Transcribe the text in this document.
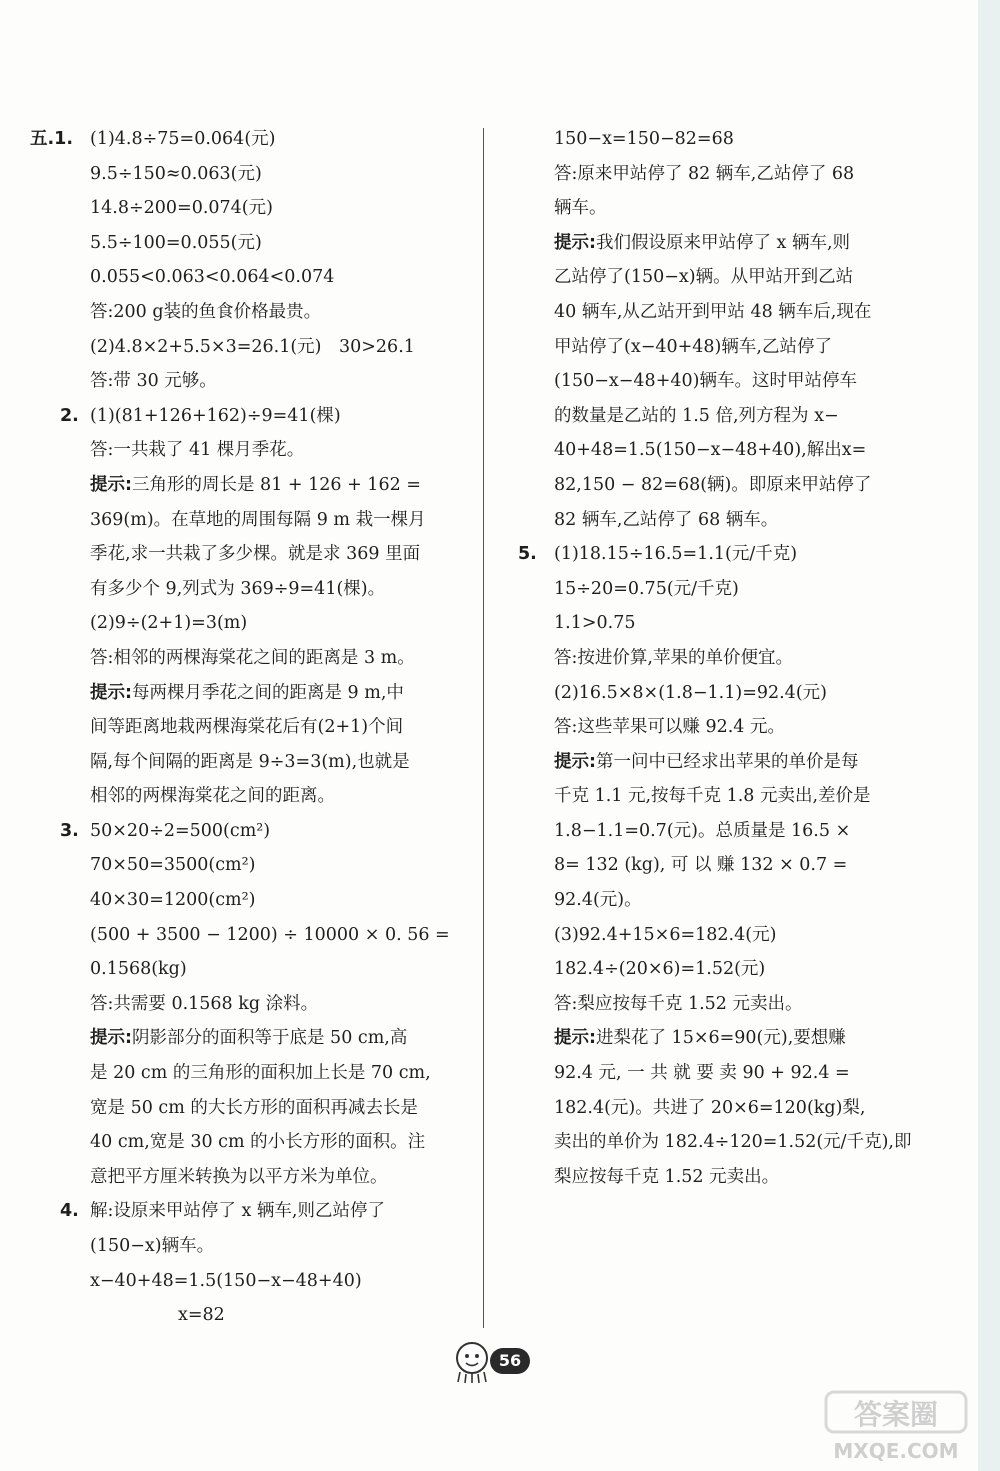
五.1. (1)4.8÷75=0.064(元)
9.5÷150≈0.063(元)
14.8÷200=0.074(元)
5.5÷100=0.055(元)
0.055<0.063<0.064<0.074
答:200 g装的鱼食价格最贵。
(2)4.8×2+5.5×3=26.1(元)　30>26.1
答:带 30 元够。
2. (1)(81+126+162)÷9=41(棵)
答:一共栽了 41 棵月季花。
提示:三角形的周长是 81 + 126 + 162 =
369(m)。在草地的周围每隔 9 m 栽一棵月
季花,求一共栽了多少棵。就是求 369 里面
有多少个 9,列式为 369÷9=41(棵)。
(2)9÷(2+1)=3(m)
答:相邻的两棵海棠花之间的距离是 3 m。
提示:每两棵月季花之间的距离是 9 m,中
间等距离地栽两棵海棠花后有(2+1)个间
隔,每个间隔的距离是 9÷3=3(m),也就是
相邻的两棵海棠花之间的距离。
3. 50×20÷2=500(cm²)
70×50=3500(cm²)
40×30=1200(cm²)
(500 + 3500 − 1200) ÷ 10000 × 0. 56 =
0.1568(kg)
答:共需要 0.1568 kg 涂料。
提示:阴影部分的面积等于底是 50 cm,高
是 20 cm 的三角形的面积加上长是 70 cm,
宽是 50 cm 的大长方形的面积再减去长是
40 cm,宽是 30 cm 的小长方形的面积。注
意把平方厘米转换为以平方米为单位。
4. 解:设原来甲站停了 x 辆车,则乙站停了
(150−x)辆车。
x−40+48=1.5(150−x−48+40)
x=82
150−x=150−82=68
答:原来甲站停了 82 辆车,乙站停了 68
辆车。
提示:我们假设原来甲站停了 x 辆车,则
乙站停了(150−x)辆。从甲站开到乙站
40 辆车,从乙站开到甲站 48 辆车后,现在
甲站停了(x−40+48)辆车,乙站停了
(150−x−48+40)辆车。这时甲站停车
的数量是乙站的 1.5 倍,列方程为 x−
40+48=1.5(150−x−48+40),解出x=
82,150 − 82=68(辆)。即原来甲站停了
82 辆车,乙站停了 68 辆车。
5. (1)18.15÷16.5=1.1(元/千克)
15÷20=0.75(元/千克)
1.1>0.75
答:按进价算,苹果的单价便宜。
(2)16.5×8×(1.8−1.1)=92.4(元)
答:这些苹果可以赚 92.4 元。
提示:第一问中已经求出苹果的单价是每
千克 1.1 元,按每千克 1.8 元卖出,差价是
1.8−1.1=0.7(元)。总质量是 16.5 ×
8= 132 (kg), 可 以 赚 132 × 0.7 =
92.4(元)。
(3)92.4+15×6=182.4(元)
182.4÷(20×6)=1.52(元)
答:梨应按每千克 1.52 元卖出。
提示:进梨花了 15×6=90(元),要想赚
92.4 元, 一 共 就 要 卖 90 + 92.4 =
182.4(元)。共进了 20×6=120(kg)梨,
卖出的单价为 182.4÷120=1.52(元/千克),即
梨应按每千克 1.52 元卖出。
56
答案圈
MXQE.COM
